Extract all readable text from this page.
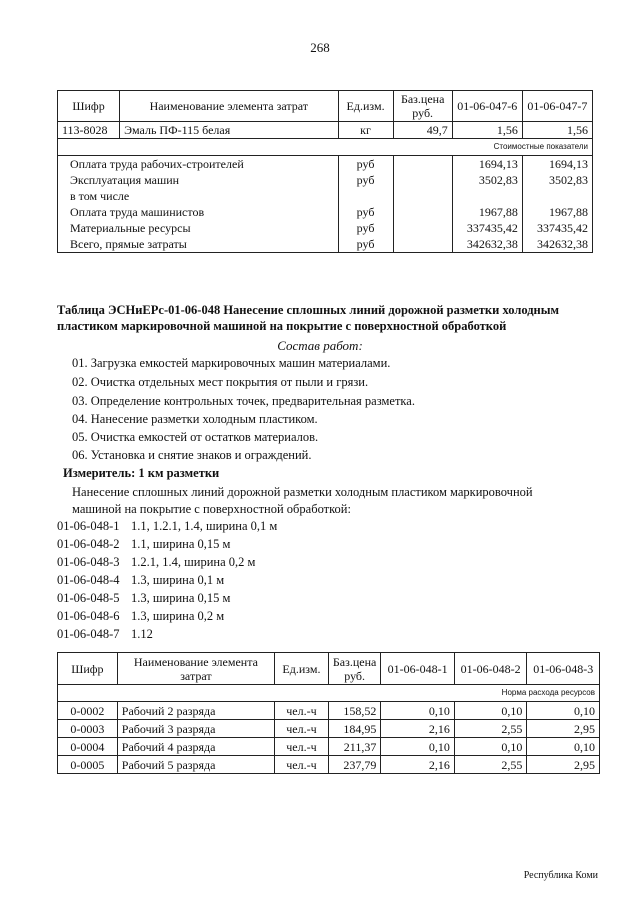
268
Шифр	Наименование элемента затрат	Ед.изм.	Баз.цена руб.	01-06-047-6	01-06-047-7
113-8028	Эмаль ПФ-115 белая	кг	49,7	1,56	1,56
Стоимостные показатели					
Оплата труда рабочих-строителей		руб		1694,13	1694,13
Эксплуатация машин		руб		3502,83	3502,83
в том числе					
Оплата труда машинистов		руб		1967,88	1967,88
Материальные ресурсы		руб		337435,42	337435,42
Всего, прямые затраты		руб		342632,38	342632,38
Таблица ЭСНиЕРс-01-06-048 Нанесение сплошных линий дорожной разметки холодным пластиком маркировочной машиной на покрытие с поверхностной обработкой
Состав работ:
01. Загрузка емкостей маркировочных машин материалами.
02. Очистка отдельных мест покрытия от пыли и грязи.
03. Определение контрольных точек, предварительная разметка.
04. Нанесение разметки холодным пластиком.
05. Очистка емкостей от остатков материалов.
06. Установка и снятие знаков и ограждений.
Измеритель: 1 км разметки
Нанесение сплошных линий дорожной разметки холодным пластиком маркировочной машиной на покрытие с поверхностной обработкой:
01-06-048-1 1.1, 1.2.1, 1.4, ширина 0,1 м
01-06-048-2 1.1, ширина 0,15 м
01-06-048-3 1.2.1, 1.4, ширина 0,2 м
01-06-048-4 1.3, ширина 0,1 м
01-06-048-5 1.3, ширина 0,15 м
01-06-048-6 1.3, ширина 0,2 м
01-06-048-7 1.12
Шифр	Наименование элемента затрат	Ед.изм.	Баз.цена руб.	01-06-048-1	01-06-048-2	01-06-048-3
Норма расхода ресурсов						
0-0002	Рабочий 2 разряда	чел.-ч	158,52	0,10	0,10	0,10
0-0003	Рабочий 3 разряда	чел.-ч	184,95	2,16	2,55	2,95
0-0004	Рабочий 4 разряда	чел.-ч	211,37	0,10	0,10	0,10
0-0005	Рабочий 5 разряда	чел.-ч	237,79	2,16	2,55	2,95
Республика Коми
